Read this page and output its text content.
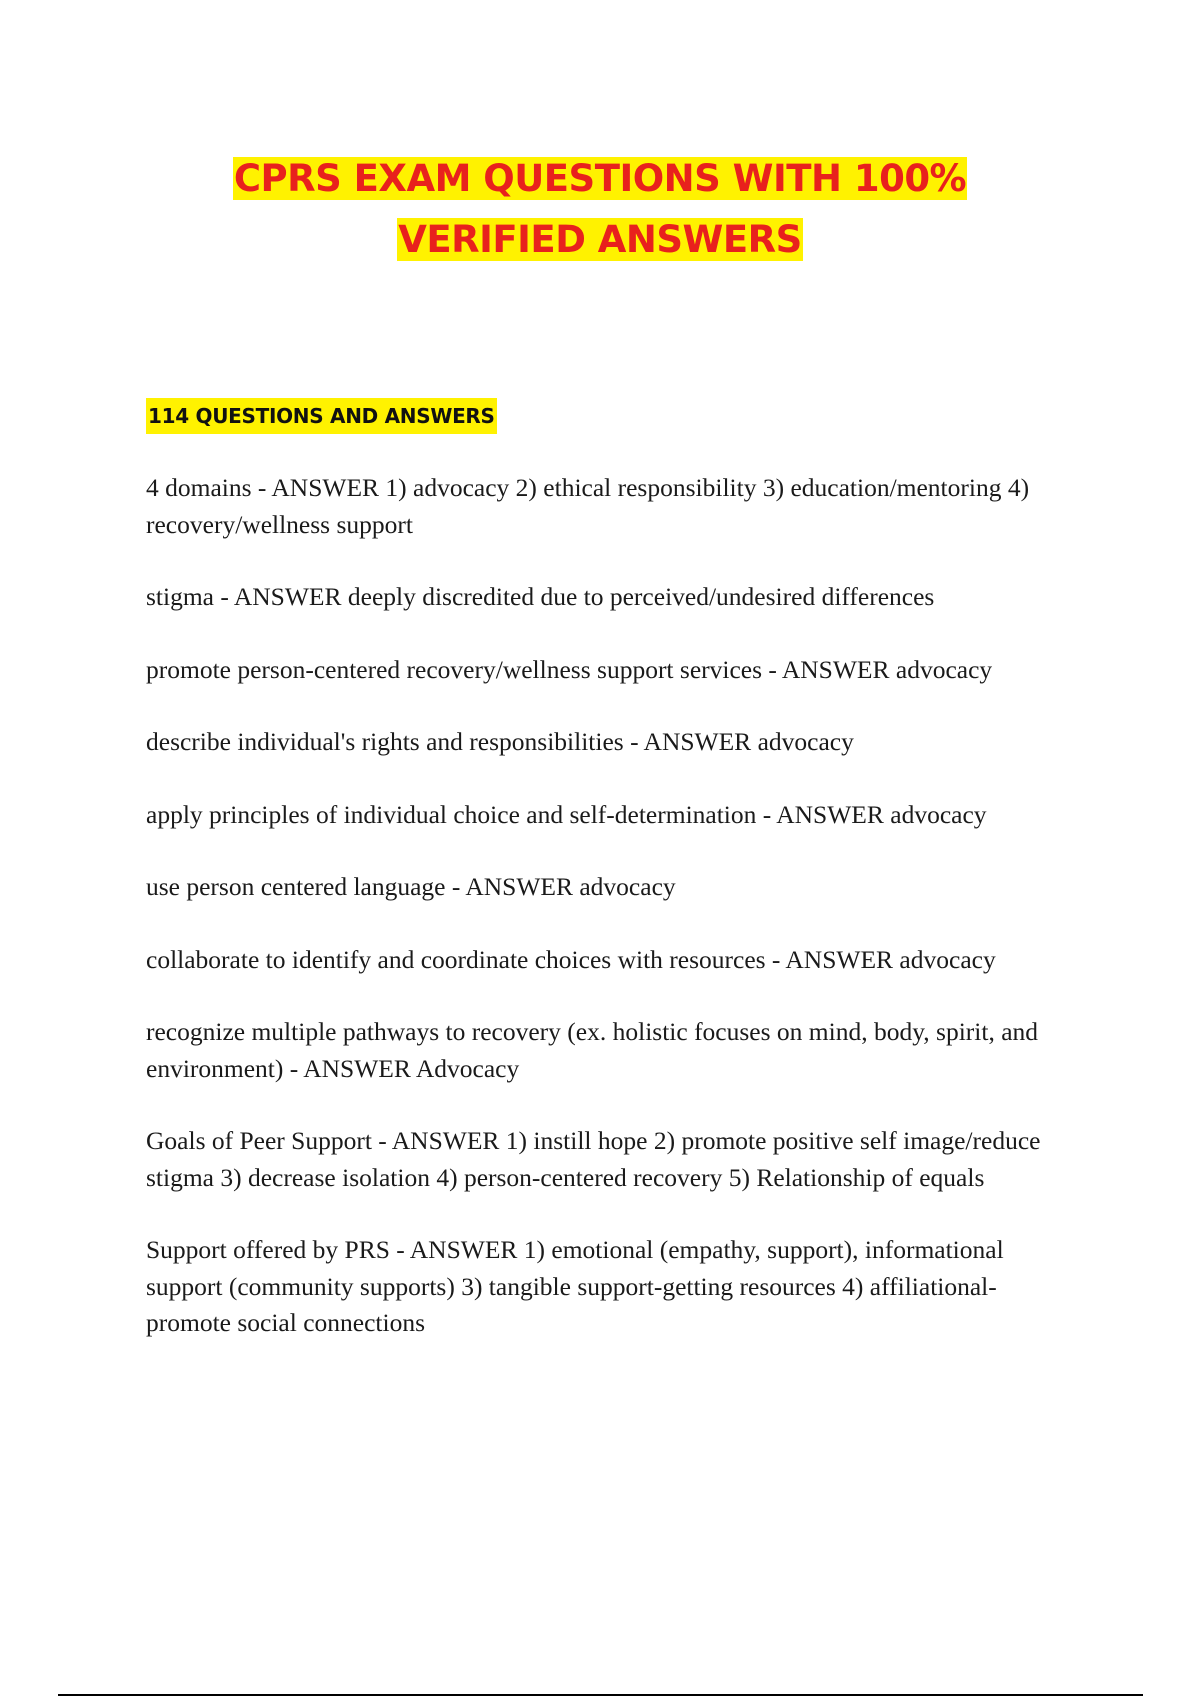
CPRS EXAM QUESTIONS WITH 100%
VERIFIED ANSWERS
114 QUESTIONS AND ANSWERS
4 domains - ANSWER 1) advocacy 2) ethical responsibility 3) education/mentoring 4) recovery/wellness support
stigma - ANSWER deeply discredited due to perceived/undesired differences
promote person-centered recovery/wellness support services - ANSWER advocacy
describe individual's rights and responsibilities - ANSWER advocacy
apply principles of individual choice and self-determination - ANSWER advocacy
use person centered language - ANSWER advocacy
collaborate to identify and coordinate choices with resources - ANSWER advocacy
recognize multiple pathways to recovery (ex. holistic focuses on mind, body, spirit, and environment) - ANSWER Advocacy
Goals of Peer Support - ANSWER 1) instill hope 2) promote positive self image/reduce stigma 3) decrease isolation 4) person-centered recovery 5) Relationship of equals
Support offered by PRS - ANSWER 1) emotional (empathy, support), informational support (community supports) 3) tangible support-getting resources 4) affiliational-promote social connections
